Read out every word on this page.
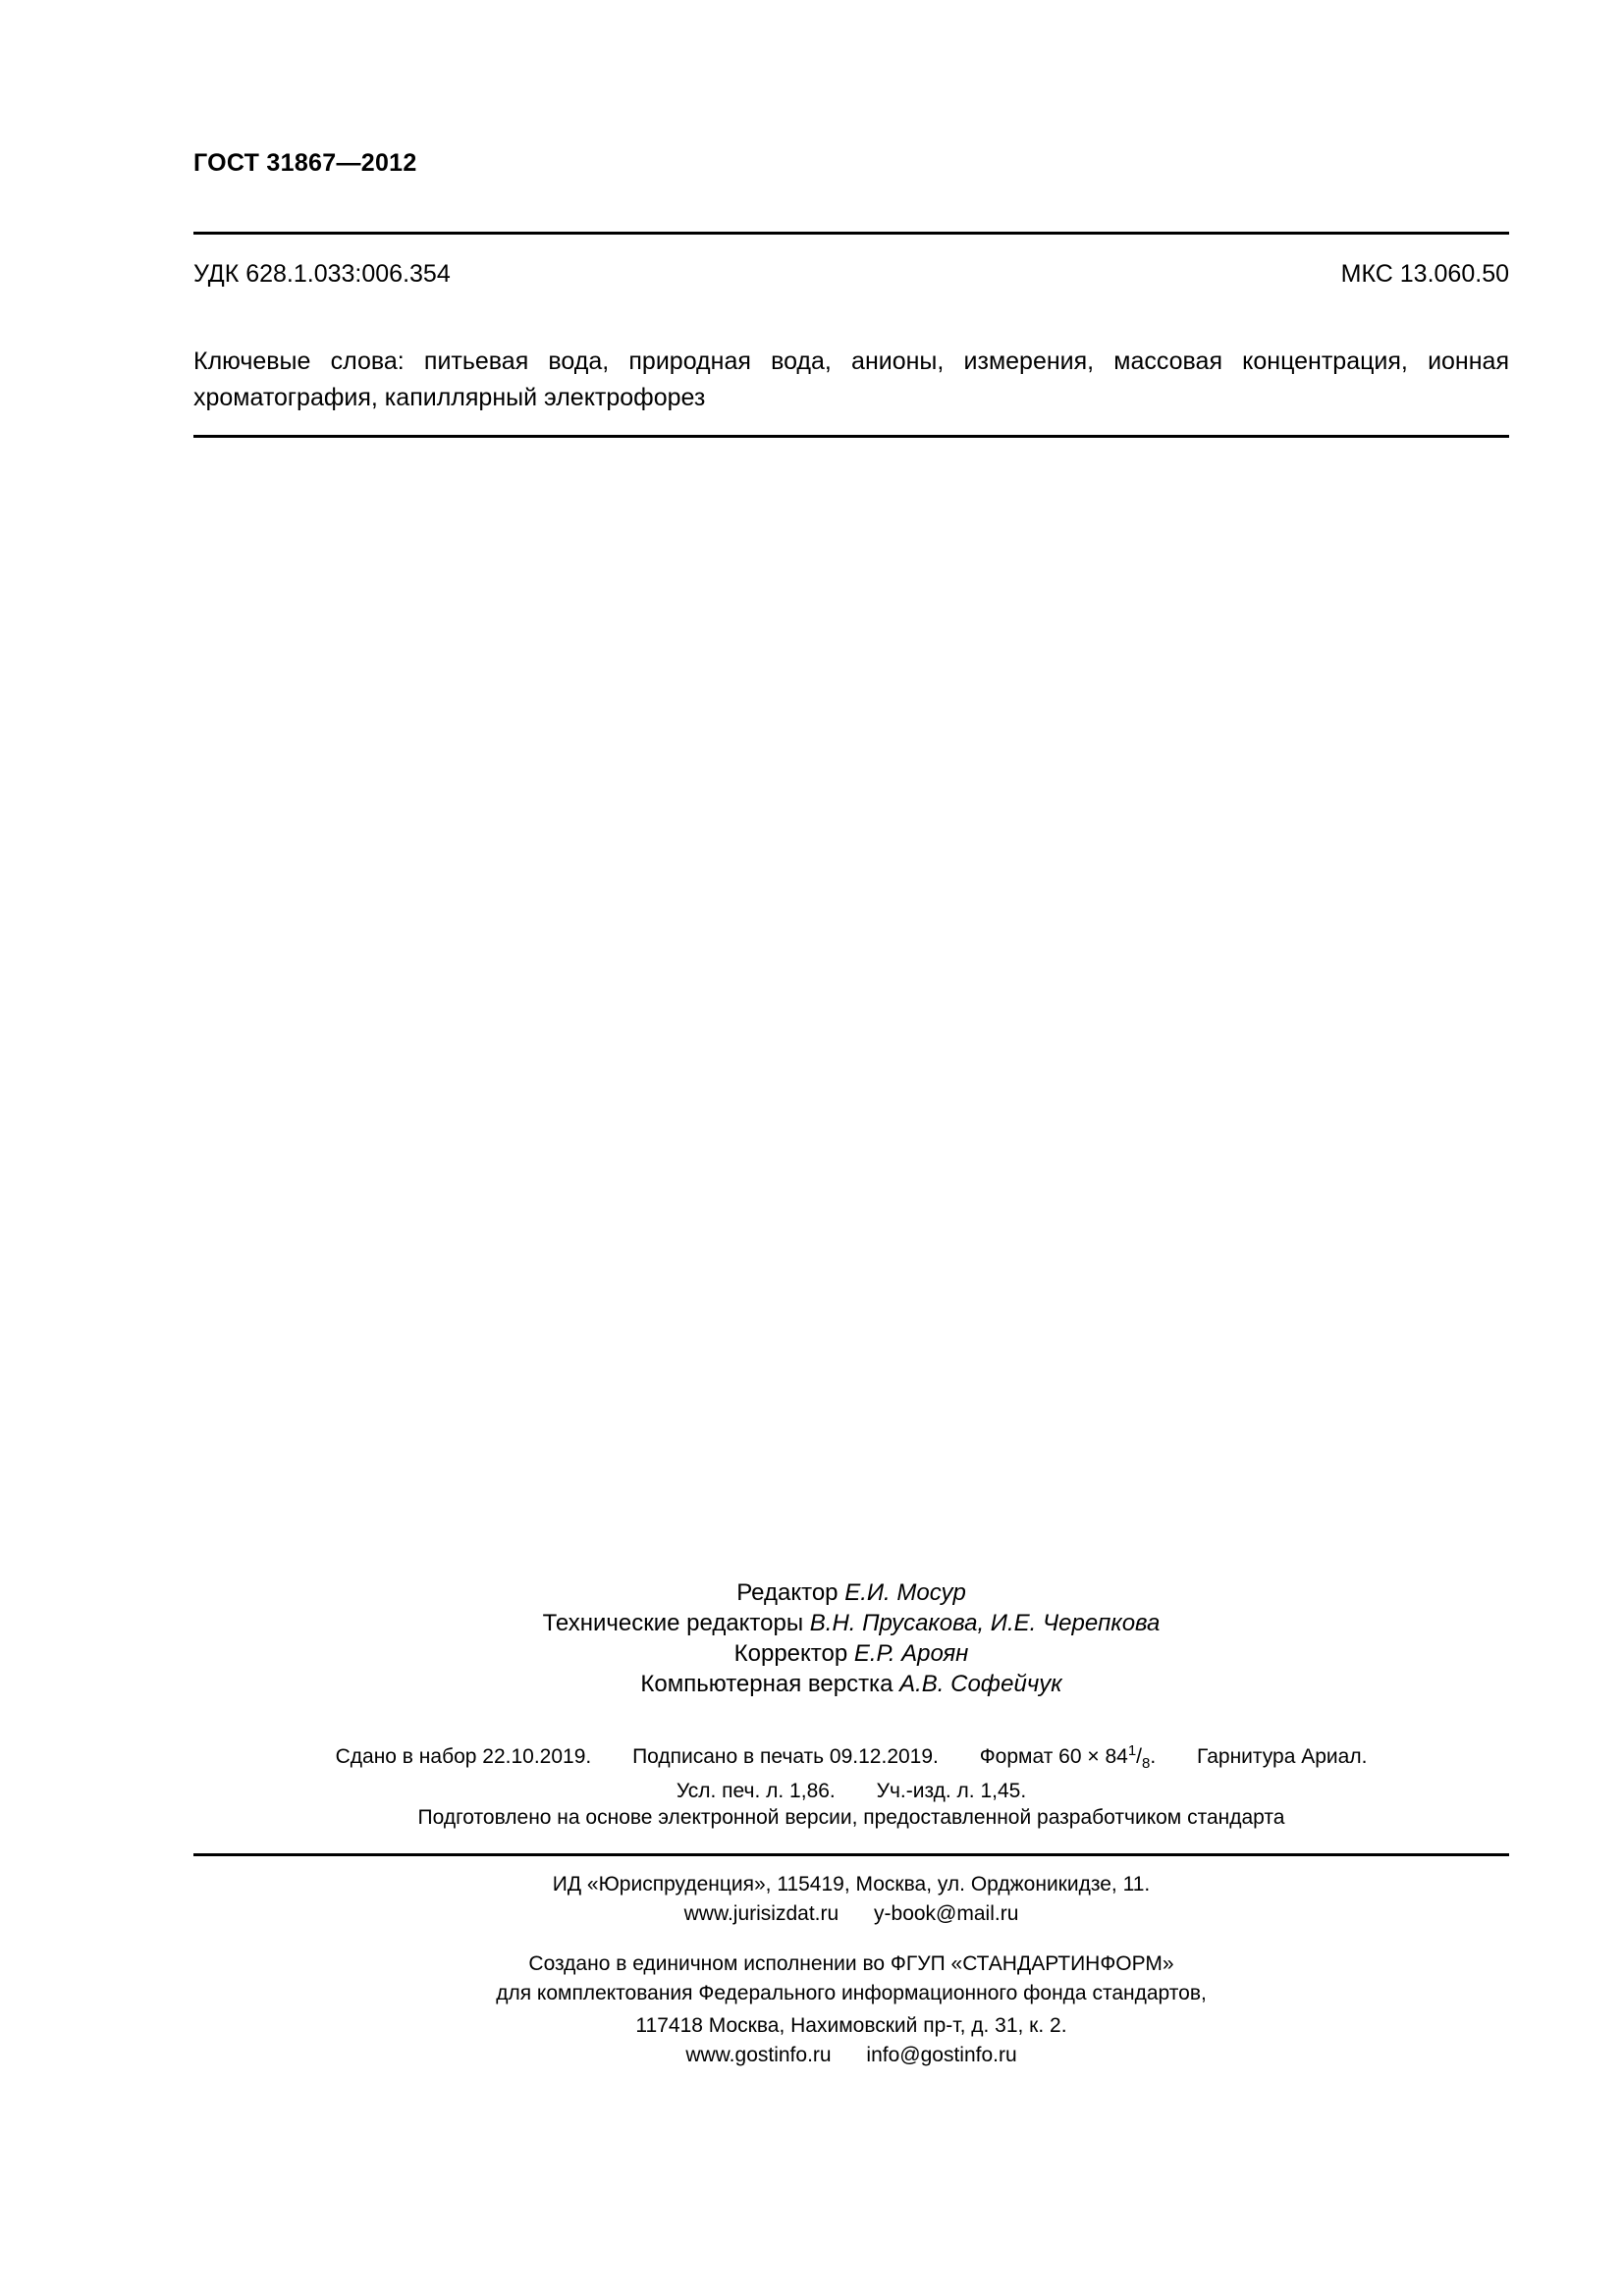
ГОСТ 31867—2012
УДК 628.1.033:006.354	МКС 13.060.50
Ключевые слова: питьевая вода, природная вода, анионы, измерения, массовая концентрация, ионная хроматография, капиллярный электрофорез
Редактор Е.И. Мосур
Технические редакторы В.Н. Прусакова, И.Е. Черепкова
Корректор Е.Р. Ароян
Компьютерная верстка А.В. Софейчук
Сдано в набор 22.10.2019. Подписано в печать 09.12.2019. Формат $60 \times 84^1/_8$. Гарнитура Ариал.
Усл. печ. л. 1,86. Уч.-изд. л. 1,45.
Подготовлено на основе электронной версии, предоставленной разработчиком стандарта
ИД «Юриспруденция», 115419, Москва, ул. Орджоникидзе, 11.
www.jurisizdat.ru y-book@mail.ru
Создано в единичном исполнении во ФГУП «СТАНДАРТИНФОРМ»
для комплектования Федерального информационного фонда стандартов,
117418 Москва, Нахимовский пр-т, д. 31, к. 2.
www.gostinfo.ru info@gostinfo.ru
